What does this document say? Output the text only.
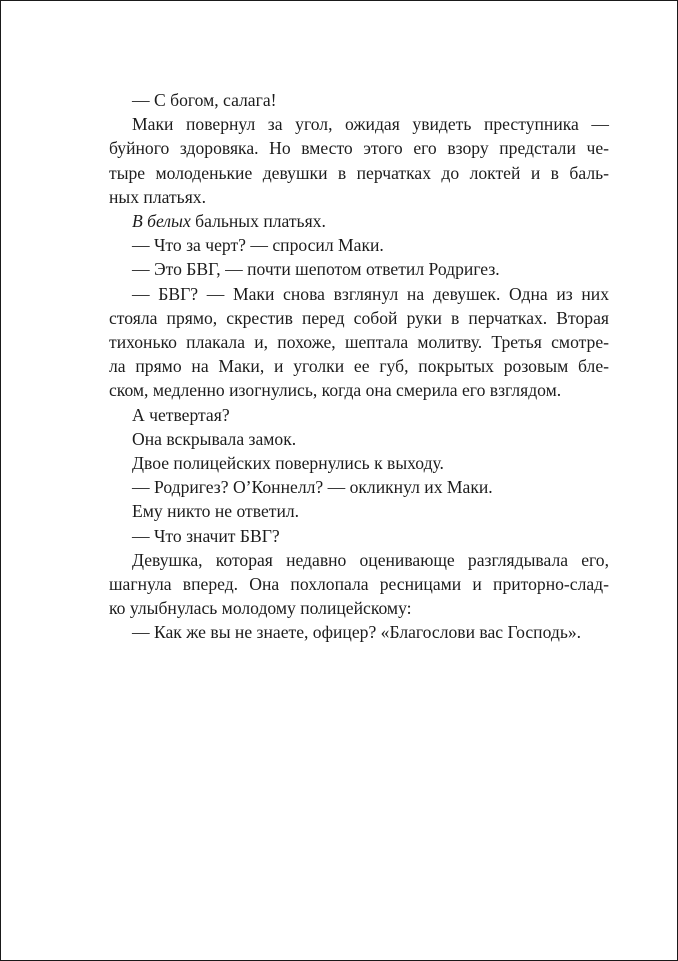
— С богом, салага!

Маки повернул за угол, ожидая увидеть преступника —
буйного здоровяка. Но вместо этого его взору предстали че-
тыре молоденькие девушки в перчатках до локтей и в баль-
ных платьях.

В белых бальных платьях.

— Что за черт? — спросил Маки.

— Это БВГ, — почти шепотом ответил Родригез.

— БВГ? — Маки снова взглянул на девушек. Одна из них
стояла прямо, скрестив перед собой руки в перчатках. Вторая
тихонько плакала и, похоже, шептала молитву. Третья смотре-
ла прямо на Маки, и уголки ее губ, покрытых розовым бле-
ском, медленно изогнулись, когда она смерила его взглядом.

А четвертая?

Она вскрывала замок.

Двое полицейских повернулись к выходу.

— Родригез? О’Коннелл? — окликнул их Маки.

Ему никто не ответил.

— Что значит БВГ?

Девушка, которая недавно оценивающе разглядывала его,
шагнула вперед. Она похлопала ресницами и приторно-слад-
ко улыбнулась молодому полицейскому:

— Как же вы не знаете, офицер? «Благослови вас Господь».
